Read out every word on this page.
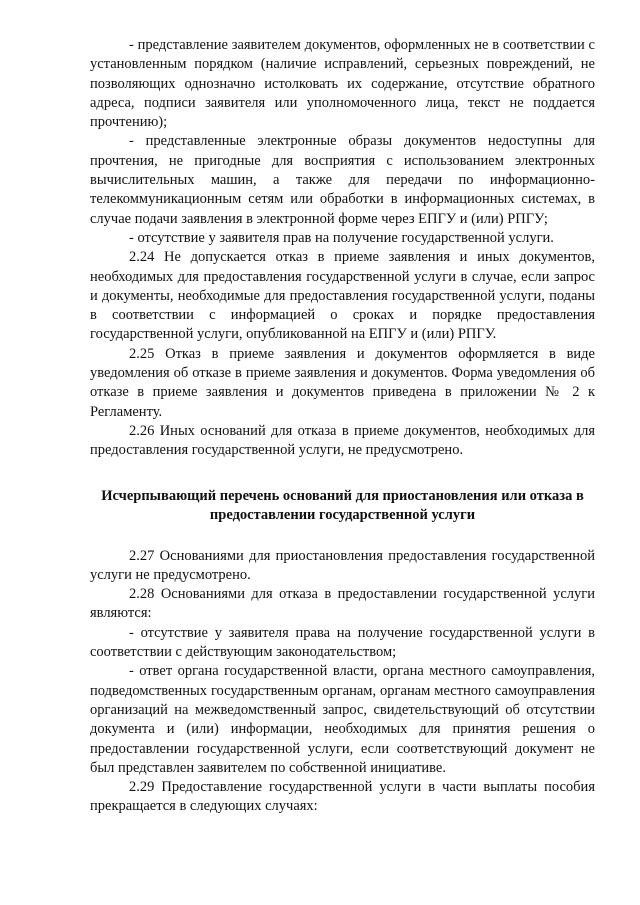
- представление заявителем документов, оформленных не в соответствии с установленным порядком (наличие исправлений, серьезных повреждений, не позволяющих однозначно истолковать их содержание, отсутствие обратного адреса, подписи заявителя или уполномоченного лица, текст не поддается прочтению);

- представленные электронные образы документов недоступны для прочтения, не пригодные для восприятия с использованием электронных вычислительных машин, а также для передачи по информационно-телекоммуникационным сетям или обработки в информационных системах, в случае подачи заявления в электронной форме через ЕПГУ и (или) РПГУ;

- отсутствие у заявителя прав на получение государственной услуги.

2.24 Не допускается отказ в приеме заявления и иных документов, необходимых для предоставления государственной услуги в случае, если запрос и документы, необходимые для предоставления государственной услуги, поданы в соответствии с информацией о сроках и порядке предоставления государственной услуги, опубликованной на ЕПГУ и (или) РПГУ.

2.25 Отказ в приеме заявления и документов оформляется в виде уведомления об отказе в приеме заявления и документов. Форма уведомления об отказе в приеме заявления и документов приведена в приложении № 2 к Регламенту.

2.26 Иных оснований для отказа в приеме документов, необходимых для предоставления государственной услуги, не предусмотрено.

Исчерпывающий перечень оснований для приостановления или отказа в предоставлении государственной услуги

2.27 Основаниями для приостановления предоставления государственной услуги не предусмотрено.

2.28 Основаниями для отказа в предоставлении государственной услуги являются:

- отсутствие у заявителя права на получение государственной услуги в соответствии с действующим законодательством;

- ответ органа государственной власти, органа местного самоуправления, подведомственных государственным органам, органам местного самоуправления организаций на межведомственный запрос, свидетельствующий об отсутствии документа и (или) информации, необходимых для принятия решения о предоставлении государственной услуги, если соответствующий документ не был представлен заявителем по собственной инициативе.

2.29 Предоставление государственной услуги в части выплаты пособия прекращается в следующих случаях:
